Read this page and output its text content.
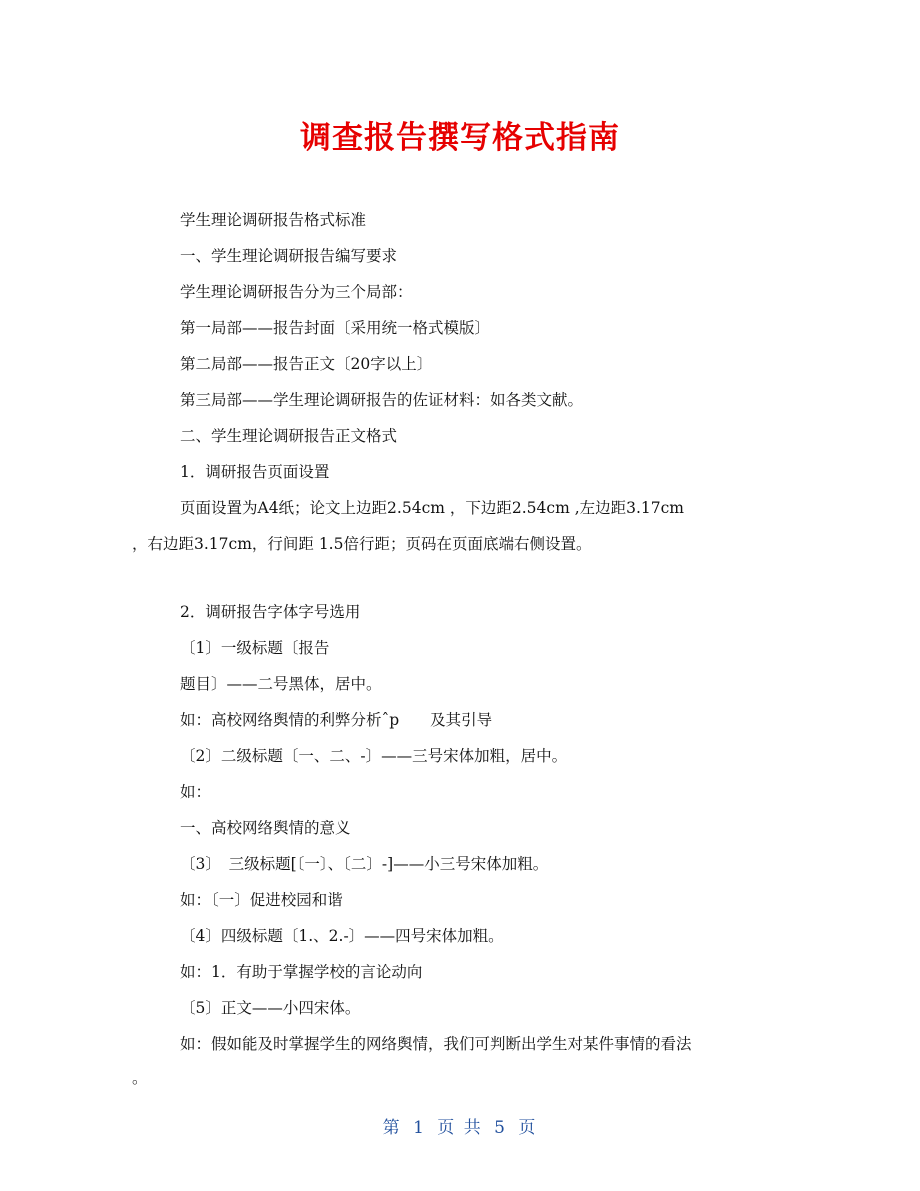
调查报告撰写格式指南

学生理论调研报告格式标准

一、学生理论调研报告编写要求

学生理论调研报告分为三个局部：

第一局部——报告封面〔采用统一格式模版〕

第二局部——报告正文〔20字以上〕

第三局部——学生理论调研报告的佐证材料：如各类文献。

二、学生理论调研报告正文格式

1．调研报告页面设置

页面设置为A4纸；论文上边距2.54cm ，下边距2.54cm ,左边距3.17cm

，右边距3.17cm，行间距 1.5倍行距；页码在页面底端右侧设置。

2．调研报告字体字号选用

〔1〕一级标题〔报告

题目〕——二号黑体，居中。

如：高校网络舆情的利弊分析ˆp　　及其引导

〔2〕二级标题〔一、二、-〕——三号宋体加粗，居中。

如：

一、高校网络舆情的意义

〔3〕　三级标题[〔一〕、〔二〕-]——小三号宋体加粗。

如：〔一〕促进校园和谐

〔4〕四级标题〔1.、2.-〕——四号宋体加粗。

如：1．有助于掌握学校的言论动向

〔5〕正文——小四宋体。

如：假如能及时掌握学生的网络舆情，我们可判断出学生对某件事情的看法

。

第 1 页 共 5 页
